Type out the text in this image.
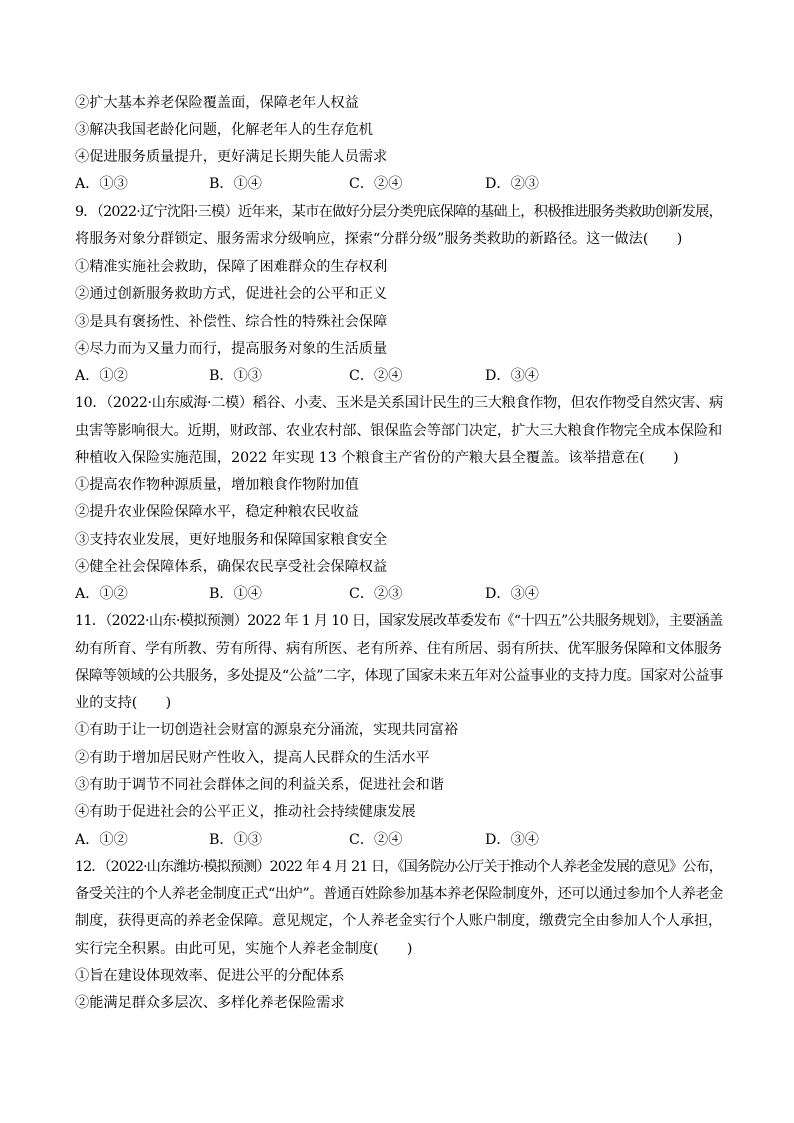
②扩大基本养老保险覆盖面，保障老年人权益
③解决我国老龄化问题，化解老年人的生存危机
④促进服务质量提升，更好满足长期失能人员需求
A．①③	B．①④	C．②④	D．②③
9．（2022·辽宁沈阳·三模）近年来，某市在做好分层分类兜底保障的基础上，积极推进服务类救助创新发展，
将服务对象分群锁定、服务需求分级响应，探索“分群分级”服务类救助的新路径。这一做法(　　)
①精准实施社会救助，保障了困难群众的生存权利
②通过创新服务救助方式，促进社会的公平和正义
③是具有褒扬性、补偿性、综合性的特殊社会保障
④尽力而为又量力而行，提高服务对象的生活质量
A．①②	B．①③	C．②④	D．③④
10．（2022·山东威海·二模）稻谷、小麦、玉米是关系国计民生的三大粮食作物，但农作物受自然灾害、病
虫害等影响很大。近期，财政部、农业农村部、银保监会等部门决定，扩大三大粮食作物完全成本保险和
种植收入保险实施范围，2022 年实现 13 个粮食主产省份的产粮大县全覆盖。该举措意在(　　)
①提高农作物种源质量，增加粮食作物附加值
②提升农业保险保障水平，稳定种粮农民收益
③支持农业发展，更好地服务和保障国家粮食安全
④健全社会保障体系，确保农民享受社会保障权益
A．①②	B．①④	C．②③	D．③④
11．（2022·山东·模拟预测）2022 年 1 月 10 日，国家发展改革委发布《“十四五”公共服务规划》，主要涵盖
幼有所育、学有所教、劳有所得、病有所医、老有所养、住有所居、弱有所扶、优军服务保障和文体服务
保障等领域的公共服务，多处提及“公益”二字，体现了国家未来五年对公益事业的支持力度。国家对公益事
业的支持(　　)
①有助于让一切创造社会财富的源泉充分涌流，实现共同富裕
②有助于增加居民财产性收入，提高人民群众的生活水平
③有助于调节不同社会群体之间的利益关系，促进社会和谐
④有助于促进社会的公平正义，推动社会持续健康发展
A．①②	B．①③	C．②④	D．③④
12．（2022·山东潍坊·模拟预测）2022 年 4 月 21 日，《国务院办公厅关于推动个人养老金发展的意见》公布，
备受关注的个人养老金制度正式“出炉”。普通百姓除参加基本养老保险制度外，还可以通过参加个人养老金
制度，获得更高的养老金保障。意见规定，个人养老金实行个人账户制度，缴费完全由参加人个人承担，
实行完全积累。由此可见，实施个人养老金制度(　　)
①旨在建设体现效率、促进公平的分配体系
②能满足群众多层次、多样化养老保险需求
